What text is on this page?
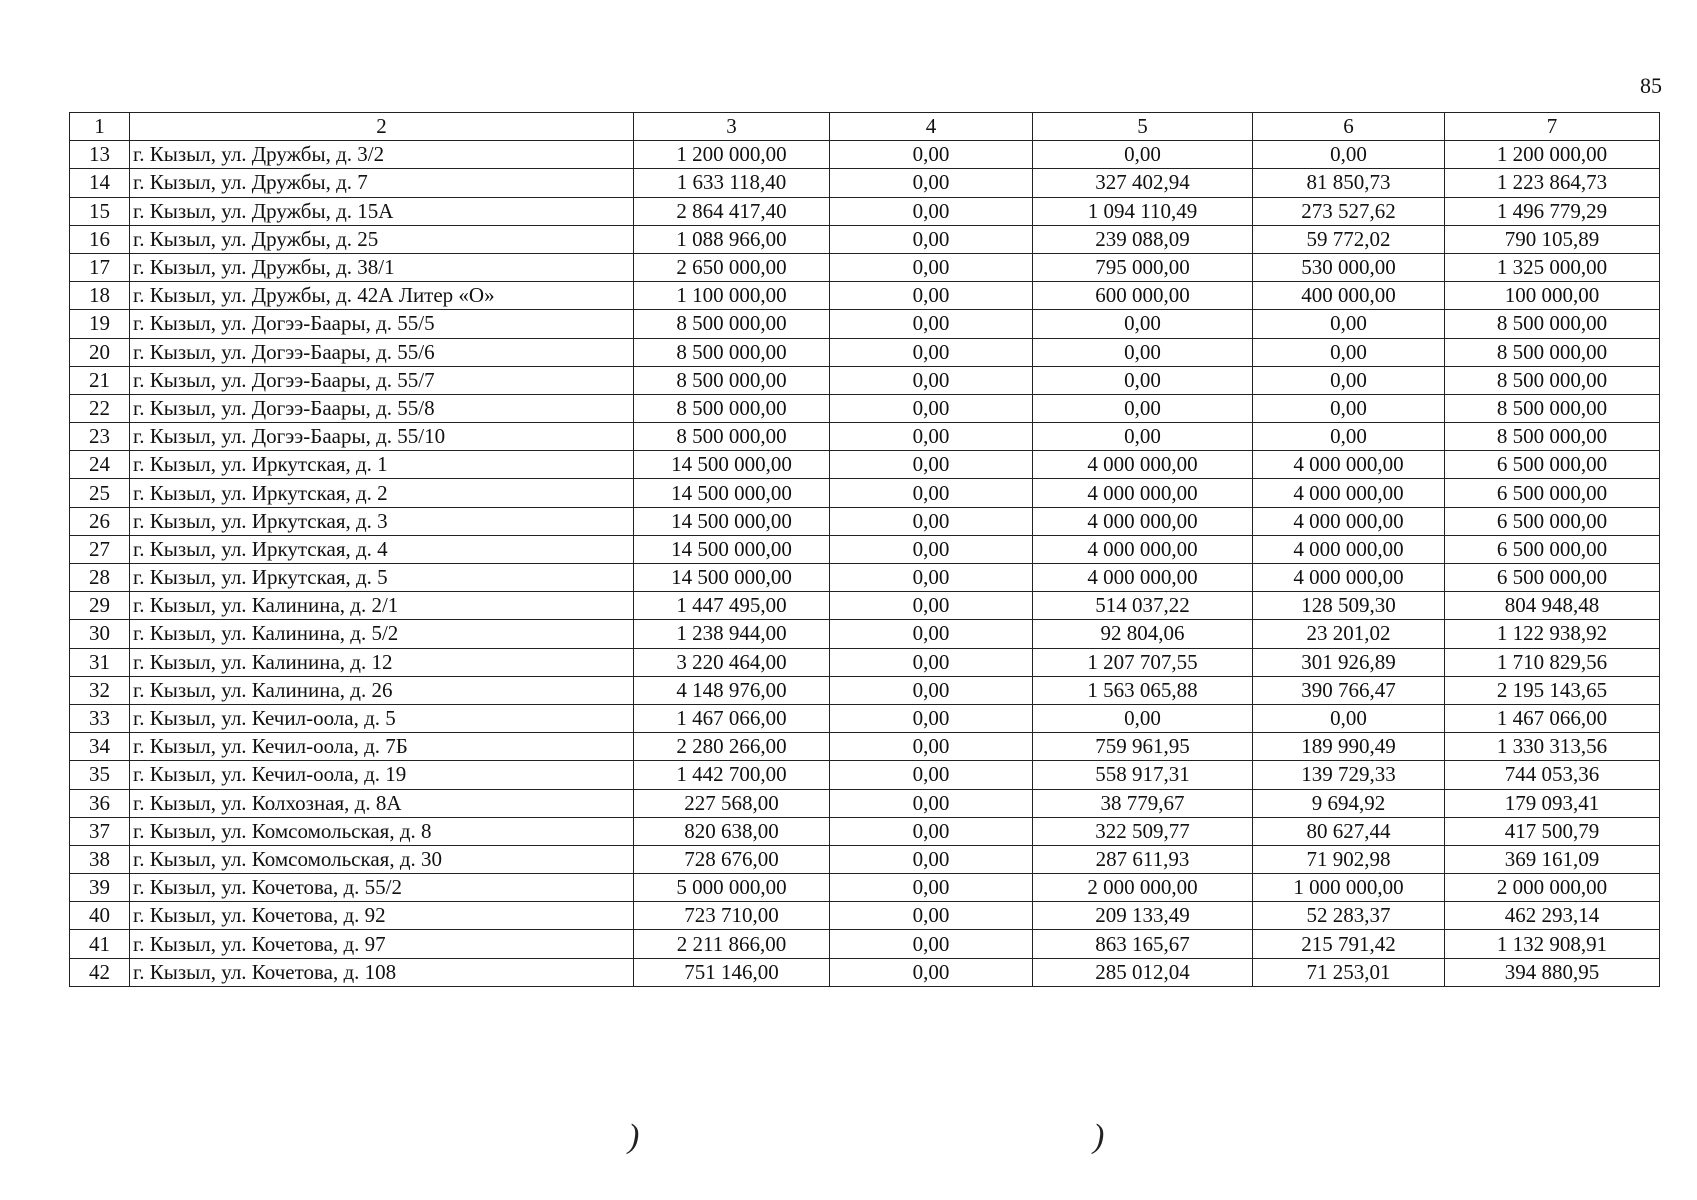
85
1	2	3	4	5	6	7
13	г. Кызыл, ул. Дружбы, д. 3/2	1 200 000,00	0,00	0,00	0,00	1 200 000,00
14	г. Кызыл, ул. Дружбы, д. 7	1 633 118,40	0,00	327 402,94	81 850,73	1 223 864,73
15	г. Кызыл, ул. Дружбы, д. 15А	2 864 417,40	0,00	1 094 110,49	273 527,62	1 496 779,29
16	г. Кызыл, ул. Дружбы, д. 25	1 088 966,00	0,00	239 088,09	59 772,02	790 105,89
17	г. Кызыл, ул. Дружбы, д. 38/1	2 650 000,00	0,00	795 000,00	530 000,00	1 325 000,00
18	г. Кызыл, ул. Дружбы, д. 42А Литер «О»	1 100 000,00	0,00	600 000,00	400 000,00	100 000,00
19	г. Кызыл, ул. Догээ-Баары, д. 55/5	8 500 000,00	0,00	0,00	0,00	8 500 000,00
20	г. Кызыл, ул. Догээ-Баары, д. 55/6	8 500 000,00	0,00	0,00	0,00	8 500 000,00
21	г. Кызыл, ул. Догээ-Баары, д. 55/7	8 500 000,00	0,00	0,00	0,00	8 500 000,00
22	г. Кызыл, ул. Догээ-Баары, д. 55/8	8 500 000,00	0,00	0,00	0,00	8 500 000,00
23	г. Кызыл, ул. Догээ-Баары, д. 55/10	8 500 000,00	0,00	0,00	0,00	8 500 000,00
24	г. Кызыл, ул. Иркутская, д. 1	14 500 000,00	0,00	4 000 000,00	4 000 000,00	6 500 000,00
25	г. Кызыл, ул. Иркутская, д. 2	14 500 000,00	0,00	4 000 000,00	4 000 000,00	6 500 000,00
26	г. Кызыл, ул. Иркутская, д. 3	14 500 000,00	0,00	4 000 000,00	4 000 000,00	6 500 000,00
27	г. Кызыл, ул. Иркутская, д. 4	14 500 000,00	0,00	4 000 000,00	4 000 000,00	6 500 000,00
28	г. Кызыл, ул. Иркутская, д. 5	14 500 000,00	0,00	4 000 000,00	4 000 000,00	6 500 000,00
29	г. Кызыл, ул. Калинина, д. 2/1	1 447 495,00	0,00	514 037,22	128 509,30	804 948,48
30	г. Кызыл, ул. Калинина, д. 5/2	1 238 944,00	0,00	92 804,06	23 201,02	1 122 938,92
31	г. Кызыл, ул. Калинина, д. 12	3 220 464,00	0,00	1 207 707,55	301 926,89	1 710 829,56
32	г. Кызыл, ул. Калинина, д. 26	4 148 976,00	0,00	1 563 065,88	390 766,47	2 195 143,65
33	г. Кызыл, ул. Кечил-оола, д. 5	1 467 066,00	0,00	0,00	0,00	1 467 066,00
34	г. Кызыл, ул. Кечил-оола, д. 7Б	2 280 266,00	0,00	759 961,95	189 990,49	1 330 313,56
35	г. Кызыл, ул. Кечил-оола, д. 19	1 442 700,00	0,00	558 917,31	139 729,33	744 053,36
36	г. Кызыл, ул. Колхозная, д. 8А	227 568,00	0,00	38 779,67	9 694,92	179 093,41
37	г. Кызыл, ул. Комсомольская, д. 8	820 638,00	0,00	322 509,77	80 627,44	417 500,79
38	г. Кызыл, ул. Комсомольская, д. 30	728 676,00	0,00	287 611,93	71 902,98	369 161,09
39	г. Кызыл, ул. Кочетова, д. 55/2	5 000 000,00	0,00	2 000 000,00	1 000 000,00	2 000 000,00
40	г. Кызыл, ул. Кочетова, д. 92	723 710,00	0,00	209 133,49	52 283,37	462 293,14
41	г. Кызыл, ул. Кочетова, д. 97	2 211 866,00	0,00	863 165,67	215 791,42	1 132 908,91
42	г. Кызыл, ул. Кочетова, д. 108	751 146,00	0,00	285 012,04	71 253,01	394 880,95
)	)
